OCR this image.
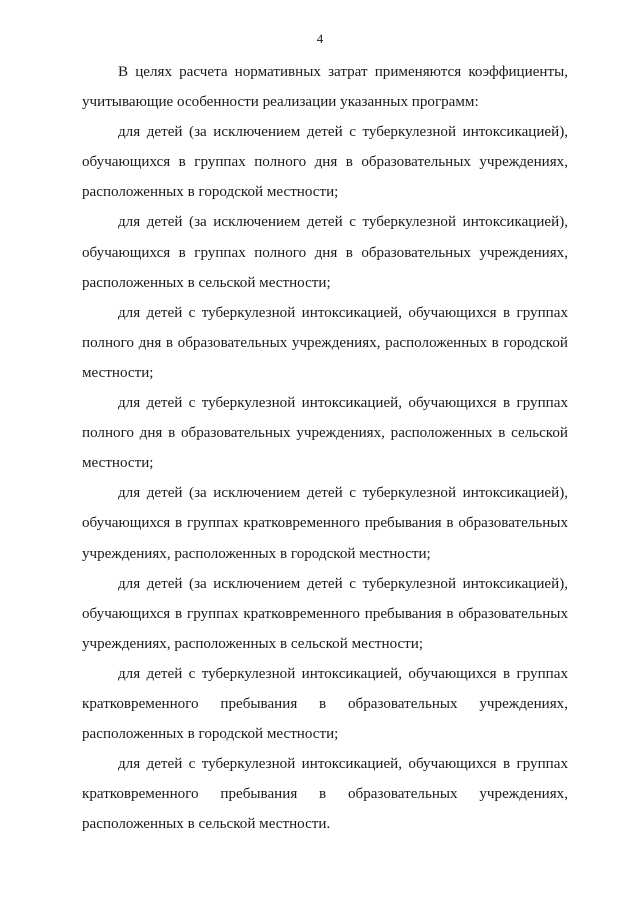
4

В целях расчета нормативных затрат применяются коэффициенты, учитывающие особенности реализации указанных программ:

для детей (за исключением детей с туберкулезной интоксикацией), обучающихся в группах полного дня в образовательных учреждениях, расположенных в городской местности;

для детей (за исключением детей с туберкулезной интоксикацией), обучающихся в группах полного дня в образовательных учреждениях, расположенных в сельской местности;

для детей с туберкулезной интоксикацией, обучающихся в группах полного дня в образовательных учреждениях, расположенных в городской местности;

для детей с туберкулезной интоксикацией, обучающихся в группах полного дня в образовательных учреждениях, расположенных в сельской местности;

для детей (за исключением детей с туберкулезной интоксикацией), обучающихся в группах кратковременного пребывания в образовательных учреждениях, расположенных в городской местности;

для детей (за исключением детей с туберкулезной интоксикацией), обучающихся в группах кратковременного пребывания в образовательных учреждениях, расположенных в сельской местности;

для детей с туберкулезной интоксикацией, обучающихся в группах кратковременного пребывания в образовательных учреждениях, расположенных в городской местности;

для детей с туберкулезной интоксикацией, обучающихся в группах кратковременного пребывания в образовательных учреждениях, расположенных в сельской местности.
